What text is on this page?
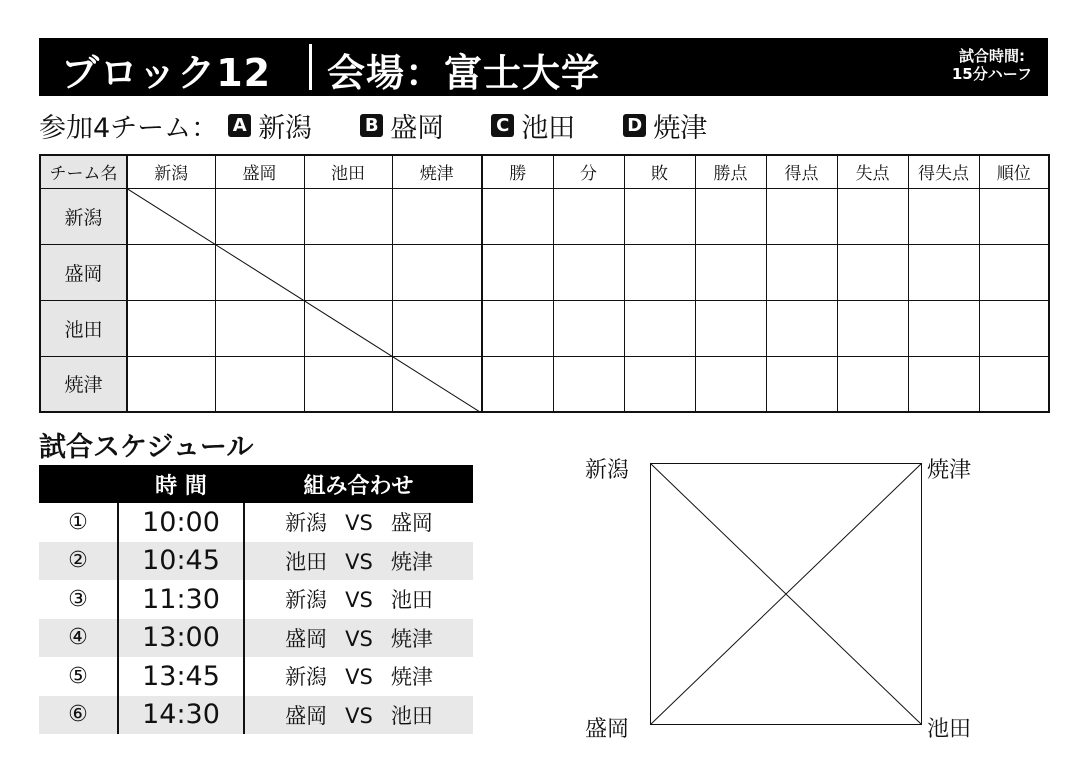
ブロック12 会場：富士大学	試合時間:
15分ハーフ
参加4チーム： A 新潟	B 盛岡	C 池田	D 焼津
チーム名	新潟	盛岡	池田	焼津	勝	分	敗	勝点	得点	失点	得失点	順位
新潟												
盛岡												
池田												
焼津												
試合スケジュール
	時 間	組み合わせ
①	10:00	新潟 VS 盛岡
②	10:45	池田 VS 焼津
③	11:30	新潟 VS 池田
④	13:00	盛岡 VS 焼津
⑤	13:45	新潟 VS 焼津
⑥	14:30	盛岡 VS 池田
新潟	焼津
盛岡	池田
